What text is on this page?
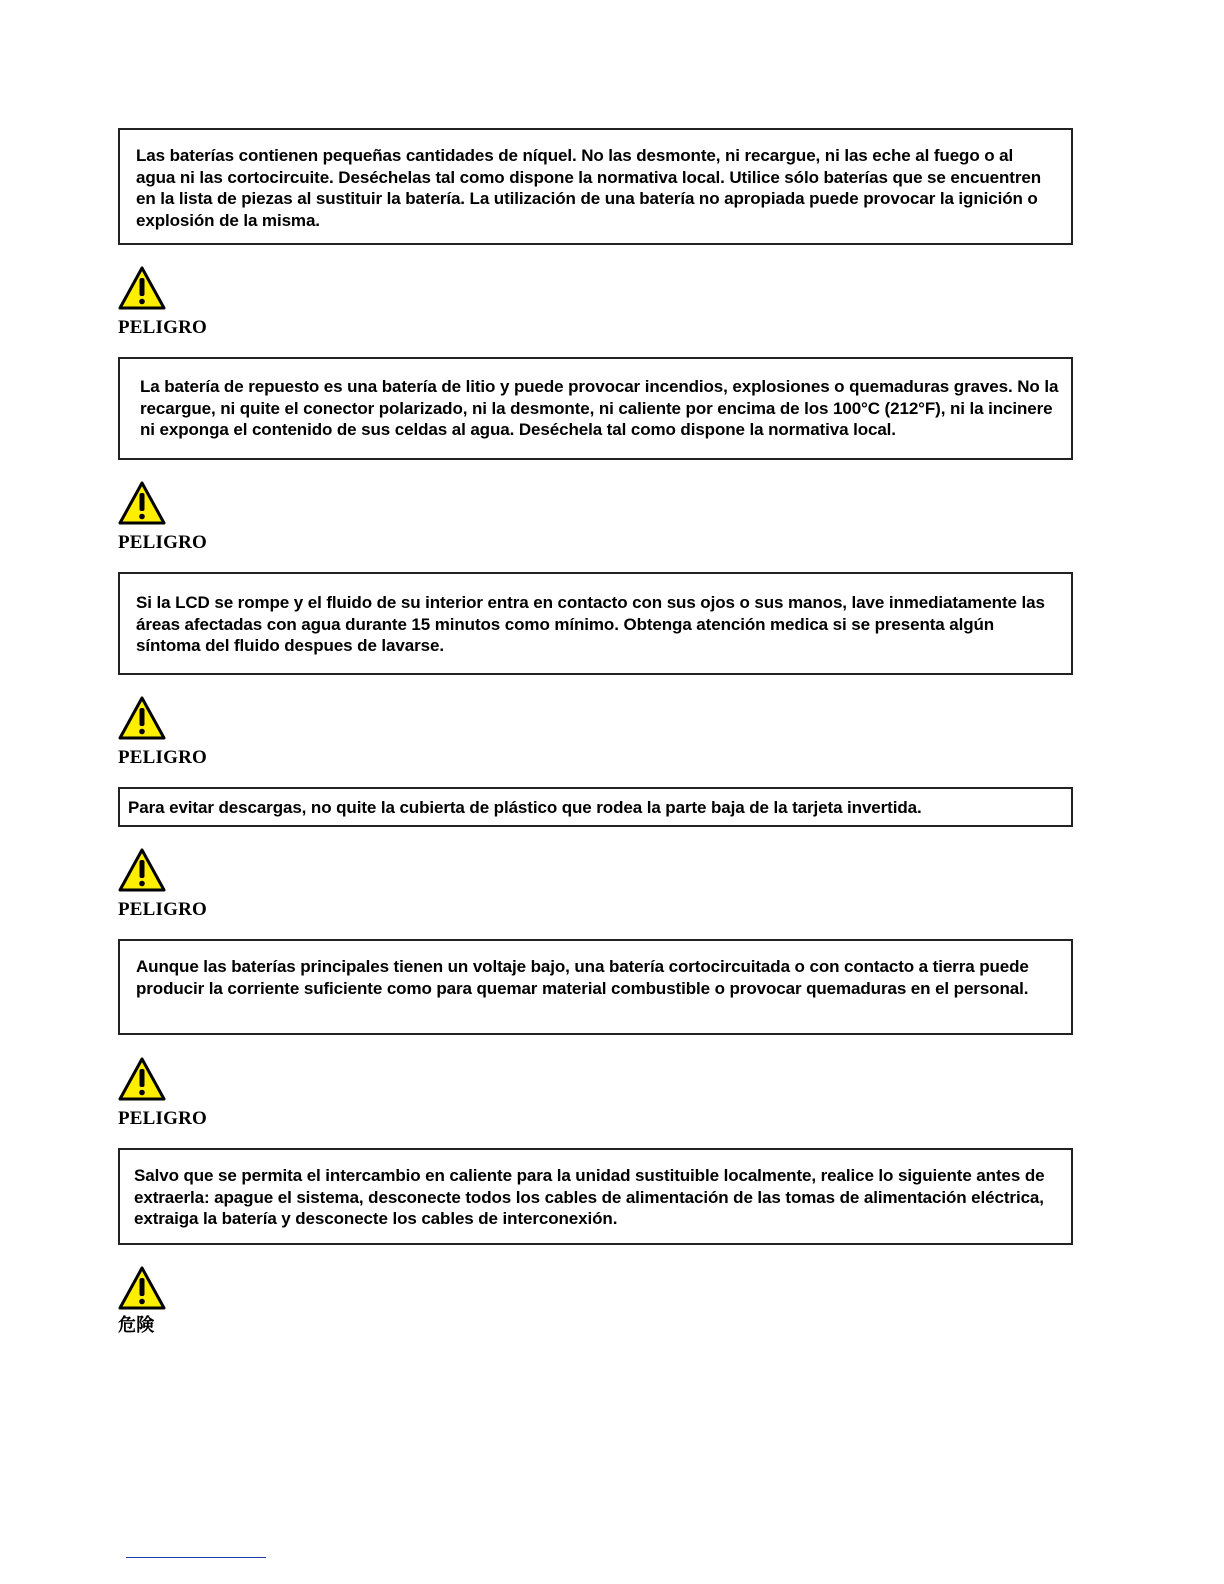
Las baterías contienen pequeñas cantidades de níquel. No las desmonte, ni recargue, ni las eche al fuego o al agua ni las cortocircuite. Deséchelas tal como dispone la normativa local. Utilice sólo baterías que se encuentren en la lista de piezas al sustituir la batería. La utilización de una batería no apropiada puede provocar la ignición o explosión de la misma.

PELIGRO

La batería de repuesto es una batería de litio y puede provocar incendios, explosiones o quemaduras graves. No la recargue, ni quite el conector polarizado, ni la desmonte, ni caliente por encima de los 100°C (212°F), ni la incinere ni exponga el contenido de sus celdas al agua. Deséchela tal como dispone la normativa local.

PELIGRO

Si la LCD se rompe y el fluido de su interior entra en contacto con sus ojos o sus manos, lave inmediatamente las áreas afectadas con agua durante 15 minutos como mínimo. Obtenga atención medica si se presenta algún síntoma del fluido despues de lavarse.

PELIGRO

Para evitar descargas, no quite la cubierta de plástico que rodea la parte baja de la tarjeta invertida.

PELIGRO

Aunque las baterías principales tienen un voltaje bajo, una batería cortocircuitada o con contacto a tierra puede producir la corriente suficiente como para quemar material combustible o provocar quemaduras en el personal.

PELIGRO

Salvo que se permita el intercambio en caliente para la unidad sustituible localmente, realice lo siguiente antes de extraerla: apague el sistema, desconecte todos los cables de alimentación de las tomas de alimentación eléctrica, extraiga la batería y desconecte los cables de interconexión.

危険
